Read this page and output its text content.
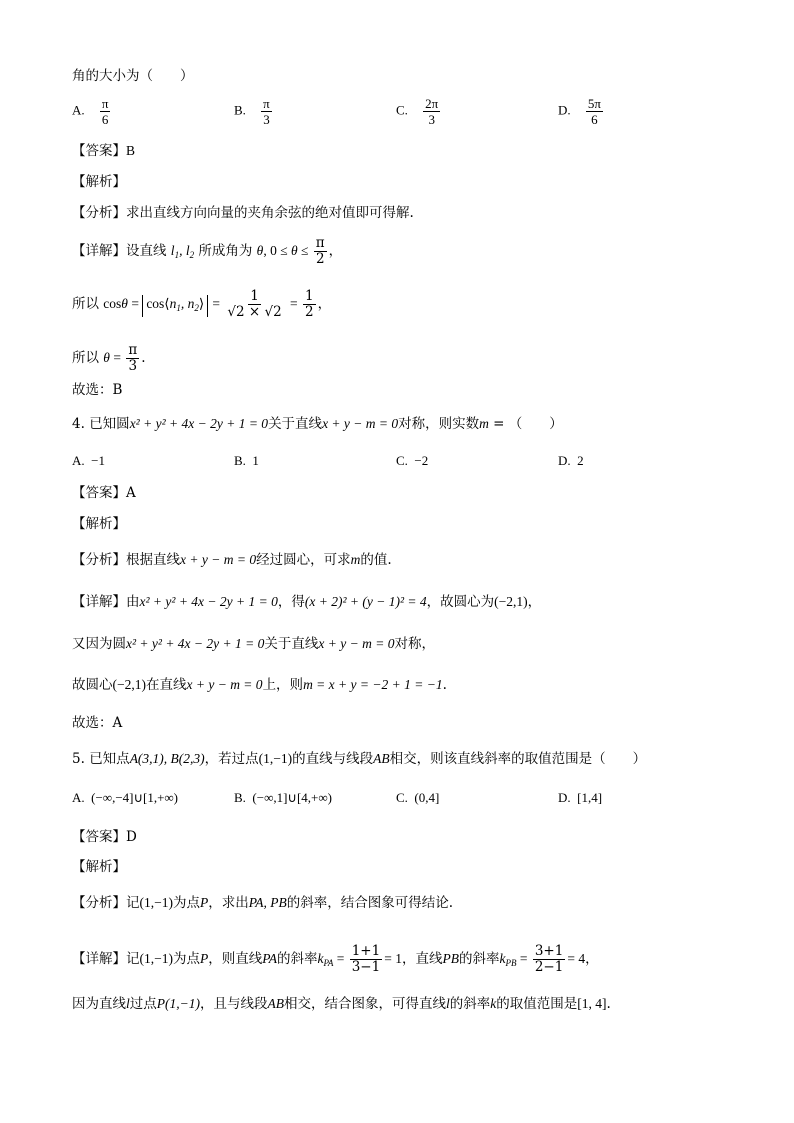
角的大小为（　　）
A. $\frac{\pi}{6}$	B. $\frac{\pi}{3}$	C. $\frac{2\pi}{3}$	D. $\frac{5\pi}{6}$
【答案】B
【解析】
【分析】求出直线方向向量的夹角余弦的绝对值即可得解.
【详解】设直线 $l_1$, $l_2$ 所成角为 θ, $0 \le \theta \le \frac{\pi}{2}$ ，
所以 $\cos\theta = \cos⟨n_1$, $n_2⟩ = \frac{1}{√2 \times √2} = \frac{1}{2}$ ，
所以 $\theta = \frac{\pi}{3}$ .
故选：B
4. 已知圆x² + y² + 4x − 2y + 1 = 0关于直线x + y − m = 0对称，则实数m = （　　）
A. −1	B. 1	C. −2	D. 2
【答案】A
【解析】
【分析】根据直线x + y − m = 0经过圆心，可求m的值.
【详解】由x² + y² + 4x − 2y + 1 = 0，得(x + 2)² + (y − 1)² = 4，故圆心为(−2,1)，
又因为圆x² + y² + 4x − 2y + 1 = 0关于直线x + y − m = 0对称，
故圆心(−2,1)在直线x + y − m = 0上，则m = x + y = −2 + 1 = −1.
故选：A
5. 已知点A(3,1), B(2,3)，若过点(1,−1)的直线与线段AB相交，则该直线斜率的取值范围是（　　）
A. (−∞,−4]∪[1,+∞)	B. (−∞,1]∪[4,+∞)	C. (0,4]	D. [1,4]
【答案】D
【解析】
【分析】记(1,−1)为点P，求出PA, PB的斜率，结合图象可得结论.
【详解】记(1,−1)为点P，则直线PA的斜率$k_{PA} = \frac{1+1}{3-1} = 1$，直线PB的斜率$k_{PB} = \frac{3+1}{2-1} = 4$，
因为直线l过点P(1,−1)，且与线段AB相交，结合图象，可得直线l的斜率k的取值范围是[1, 4].
